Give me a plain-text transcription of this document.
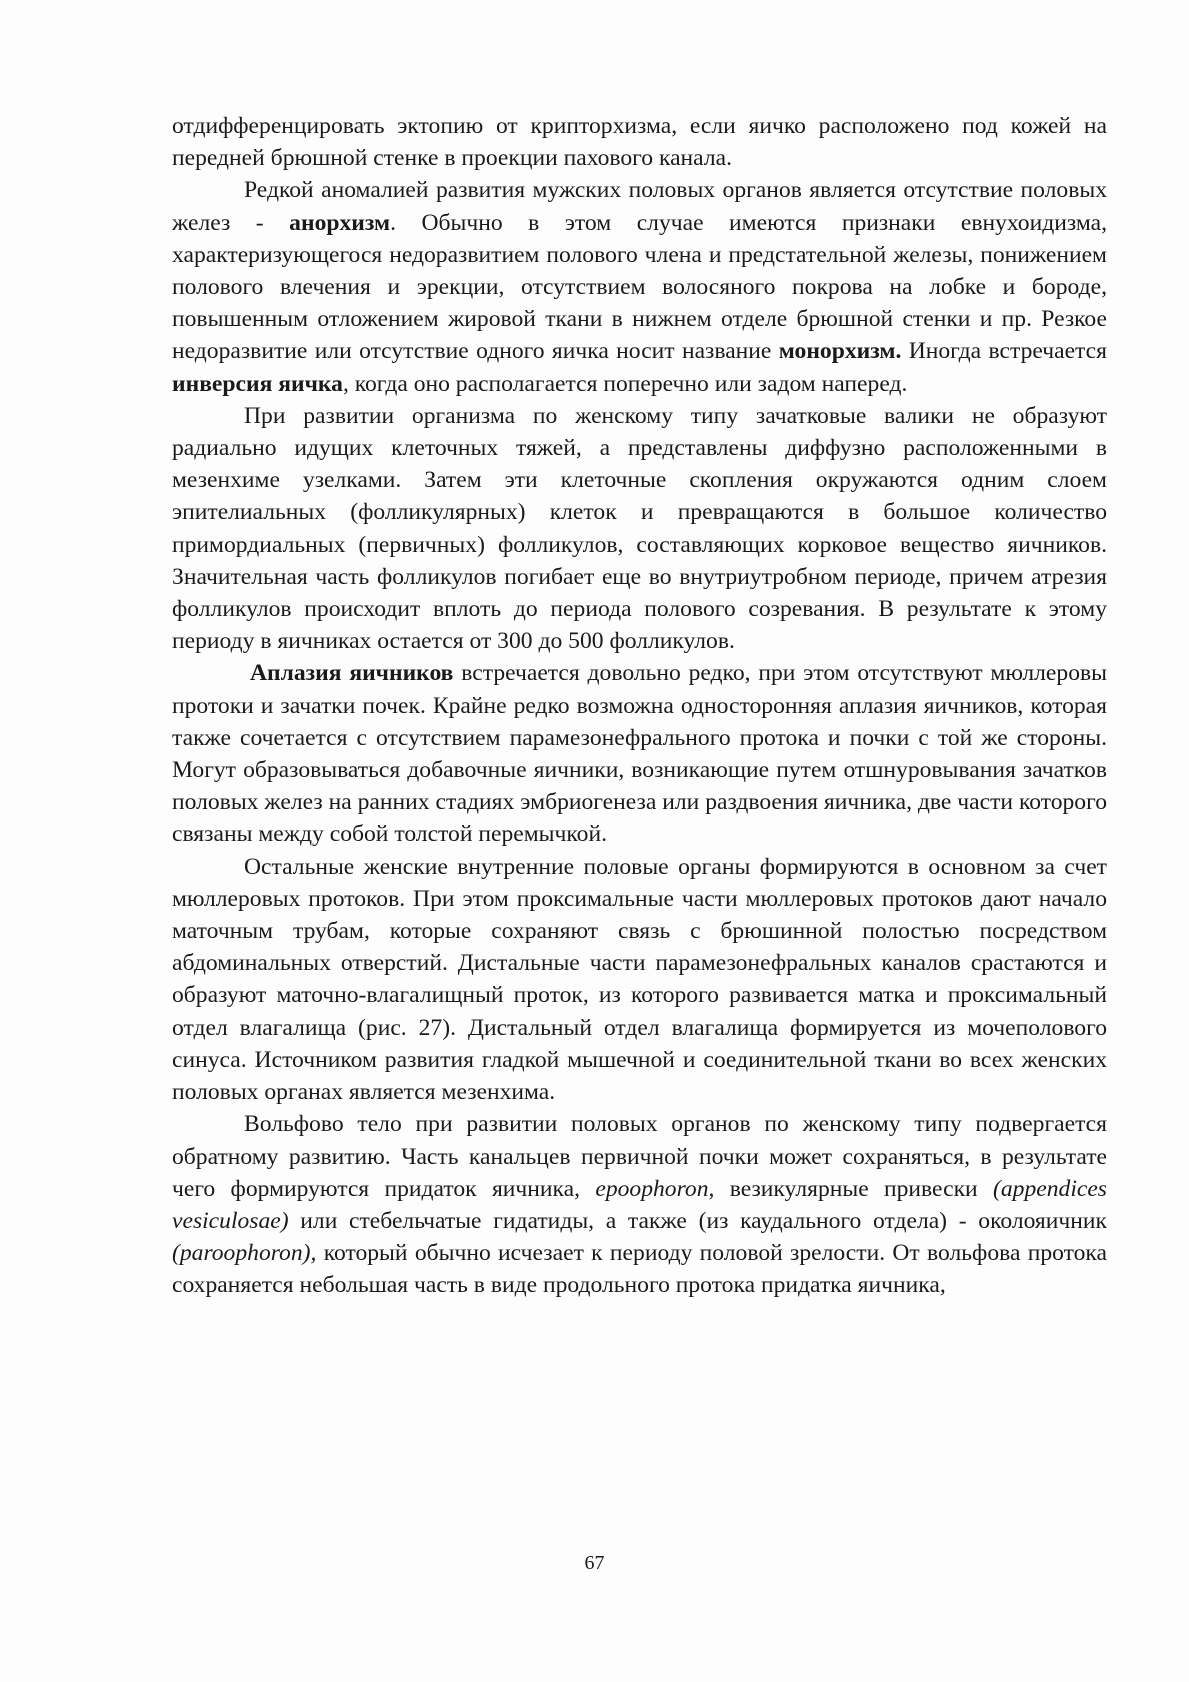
отдифференцировать эктопию от крипторхизма, если яичко расположено под кожей на передней брюшной стенке в проекции пахового канала.

Редкой аномалией развития мужских половых органов является отсутствие половых желез - анорхизм. Обычно в этом случае имеются признаки евнухоидизма, характеризующегося недоразвитием полового члена и предстательной железы, понижением полового влечения и эрекции, отсутствием волосяного покрова на лобке и бороде, повышенным отложением жировой ткани в нижнем отделе брюшной стенки и пр. Резкое недоразвитие или отсутствие одного яичка носит название монорхизм. Иногда встречается инверсия яичка, когда оно располагается поперечно или задом наперед.

При развитии организма по женскому типу зачатковые валики не образуют радиально идущих клеточных тяжей, а представлены диффузно расположенными в мезенхиме узелками. Затем эти клеточные скопления окружаются одним слоем эпителиальных (фолликулярных) клеток и превращаются в большое количество примордиальных (первичных) фолликулов, составляющих корковое вещество яичников. Значительная часть фолликулов погибает еще во внутриутробном периоде, причем атрезия фолликулов происходит вплоть до периода полового созревания. В результате к этому периоду в яичниках остается от 300 до 500 фолликулов.

Аплазия яичников встречается довольно редко, при этом отсутствуют мюллеровы протоки и зачатки почек. Крайне редко возможна односторонняя аплазия яичников, которая также сочетается с отсутствием парамезонефрального протока и почки с той же стороны. Могут образовываться добавочные яичники, возникающие путем отшнуровывания зачатков половых желез на ранних стадиях эмбриогенеза или раздвоения яичника, две части которого связаны между собой толстой перемычкой.

Остальные женские внутренние половые органы формируются в основном за счет мюллеровых протоков. При этом проксимальные части мюллеровых протоков дают начало маточным трубам, которые сохраняют связь с брюшинной полостью посредством абдоминальных отверстий. Дистальные части парамезонефральных каналов срастаются и образуют маточно-влагалищный проток, из которого развивается матка и проксимальный отдел влагалища (рис. 27). Дистальный отдел влагалища формируется из мочеполового синуса. Источником развития гладкой мышечной и соединительной ткани во всех женских половых органах является мезенхима.

Вольфово тело при развитии половых органов по женскому типу подвергается обратному развитию. Часть канальцев первичной почки может сохраняться, в результате чего формируются придаток яичника, epoophoron, везикулярные привески (appendices vesiculosae) или стебельчатые гидатиды, а также (из каудального отдела) - околояичник (paroophoron), который обычно исчезает к периоду половой зрелости. От вольфова протока сохраняется небольшая часть в виде продольного протока придатка яичника,

67
